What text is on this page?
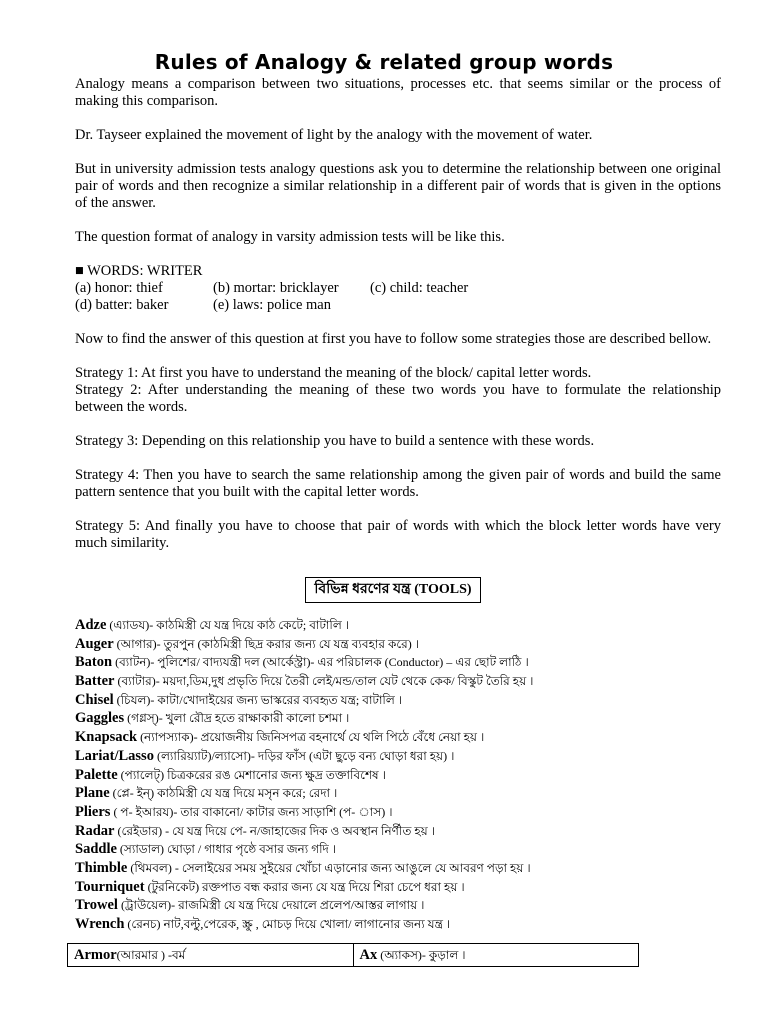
Rules of Analogy & related group words

Analogy means a comparison between two situations, processes etc. that seems similar or the process of making this comparison.

Dr. Tayseer explained the movement of light by the analogy with the movement of water.

But in university admission tests analogy questions ask you to determine the relationship between one original pair of words and then recognize a similar relationship in a different pair of words that is given in the options of the answer.

The question format of analogy in varsity admission tests will be like this.

■ WORDS: WRITER

(a) honor: thief	(b) mortar: bricklayer	(c) child: teacher
(d) batter: baker	(e) laws: police man

Now to find the answer of this question at first you have to follow some strategies those are described bellow.

Strategy 1: At first you have to understand the meaning of the block/ capital letter words.

Strategy 2: After understanding the meaning of these two words you have to formulate the relationship between the words.

Strategy 3: Depending on this relationship you have to build a sentence with these words.

Strategy 4: Then you have to search the same relationship among the given pair of words and build the same pattern sentence that you built with the capital letter words.

Strategy 5: And finally you have to choose that pair of words with which the block letter words have very much similarity.

বিভিন্ন ধরণের যন্ত্র (TOOLS)
Adze (এ্যাডয)- কাঠমিস্ত্রী যে যন্ত্র দিয়ে কাঠ কেটে; বাটালি ।
Auger (আগার)- তুরপুন (কাঠমিস্ত্রী ছিদ্র করার জন্য যে যন্ত্র ব্যবহার করে) ।
Baton (ব্যাটন)- পুলিশের/ বাদ্যযন্ত্রী দল (আর্কেস্ট্রা)- এর পরিচালক (Conductor) – এর ছোট লাঠি ।
Batter (ব্যাটার)- ময়দা,ডিম,দুধ প্রভৃতি দিয়ে তৈরী লেই/মন্ড/তাল যেট থেকে কেক/ বিস্কুট তৈরি হয় ।
Chisel (চিযল)- কাটা/খোদাইয়ের জন্য ভাস্করের ব্যবহৃত যন্ত্র; বাটালি ।
Gaggles (গগ্লস্)- খুলা রৌদ্র হতে রাক্ষাকারী কালো চশমা ।
Knapsack (ন্যাপস্যাক)- প্রয়োজনীয় জিনিসপত্র বহনার্থে যে থলি পিঠে বেঁধে নেয়া হয় ।
Lariat/Lasso (ল্যারিয়্যাট)/ল্যাসো)- দড়ির ফাঁস (এটা ছুড়ে বন্য ঘোড়া ধরা হয়) ।
Palette (প্যালেট্) চিত্রকরের রঙ মেশানোর জন্য ক্ষুদ্র তক্তাবিশেষ ।
Plane (প্লে- ইন্) কাঠমিস্ত্রী যে যন্ত্র দিয়ে মসৃন করে; রেদা ।
Pliers ( প- ইআরয)- তার বাকানো/ কাটার জন্য সাড়াশি (প- াস) ।
Radar (রেইডার) - যে যন্ত্র দিয়ে পে- ন/জাহাজের দিক ও অবস্থান নির্ণীত হয় ।
Saddle (স্যাডাল) ঘোড়া / গাধার পৃষ্ঠে বসার জন্য গদি ।
Thimble (থিমবল) - সেলাইয়ের সময় সুইয়ের খোঁচা এড়ানোর জন্য আঙুলে যে আবরণ পড়া হয় ।
Tourniquet (টুরনিকেট) রক্তপাত বন্ধ করার জন্য যে যন্ত্র দিয়ে শিরা চেপে ধরা হয় ।
Trowel (ট্রাউয়েল)- রাজমিস্ত্রী যে যন্ত্র দিয়ে দেয়ালে প্রলেপ/আস্তর লাগায় ।
Wrench (রেনচ) নাট,বল্টু,পেরেক, স্ক্রু , মোচড় দিয়ে খোলা/ লাগানোর জন্য যন্ত্র ।
Armor(আরমার ) -বর্ম	Ax (অ্যাকস)- কুড়াল ।
